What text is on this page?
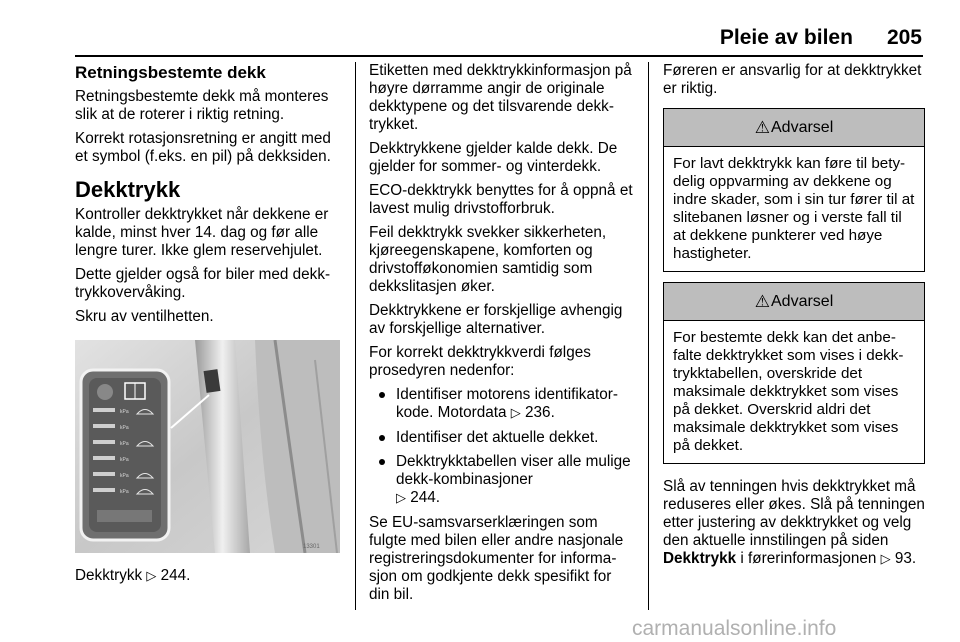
Pleie av bilen 205
Retningsbestemte dekk

Retningsbestemte dekk må monteres slik at de roterer i riktig retning.

Korrekt rotasjonsretning er angitt med et symbol (f.eks. en pil) på dekksiden.

Dekktrykk

Kontroller dekktrykket når dekkene er kalde, minst hver 14. dag og før alle lengre turer. Ikke glem reservehjulet.

Dette gjelder også for biler med dekktrykkovervåking.

Skru av ventilhetten.

kPa
kPa
kPa
kPa
kPa
kPa
13301

Dekktrykk ▷ 244.

Etiketten med dekktrykkinformasjon på høyre dørramme angir de originale dekktypene og det tilsvarende dekktrykket.

Dekktrykkene gjelder kalde dekk. De gjelder for sommer- og vinterdekk.

ECO-dekktrykk benyttes for å oppnå et lavest mulig drivstofforbruk.

Feil dekktrykk svekker sikkerheten, kjøreegenskapene, komforten og drivstofføkonomien samtidig som dekkslitasjen øker.

Dekktrykkene er forskjellige avhengig av forskjellige alternativer.

For korrekt dekktrykkverdi følges prosedyren nedenfor:

Identifiser motorens identifikatorkode. Motordata ▷ 236.
Identifiser det aktuelle dekket.
Dekktrykktabellen viser alle mulige dekk-kombinasjoner
▷ 244.

Se EU-samsvarserklæringen som fulgte med bilen eller andre nasjonale registreringsdokumenter for informasjon om godkjente dekk spesifikt for din bil.

Føreren er ansvarlig for at dekktrykket er riktig.

⚠ Advarsel
For lavt dekktrykk kan føre til betydelig oppvarming av dekkene og indre skader, som i sin tur fører til at slitebanen løsner og i verste fall til at dekkene punkterer ved høye hastigheter.
⚠ Advarsel
For bestemte dekk kan det anbefalte dekktrykket som vises i dekktrykktabellen, overskride det maksimale dekktrykket som vises på dekket. Overskrid aldri det maksimale dekktrykket som vises på dekket.

Slå av tenningen hvis dekktrykket må reduseres eller økes. Slå på tenningen etter justering av dekktrykket og velg den aktuelle innstilingen på siden Dekktrykk i førerinformasjonen ▷ 93.

carmanualsonline.info
